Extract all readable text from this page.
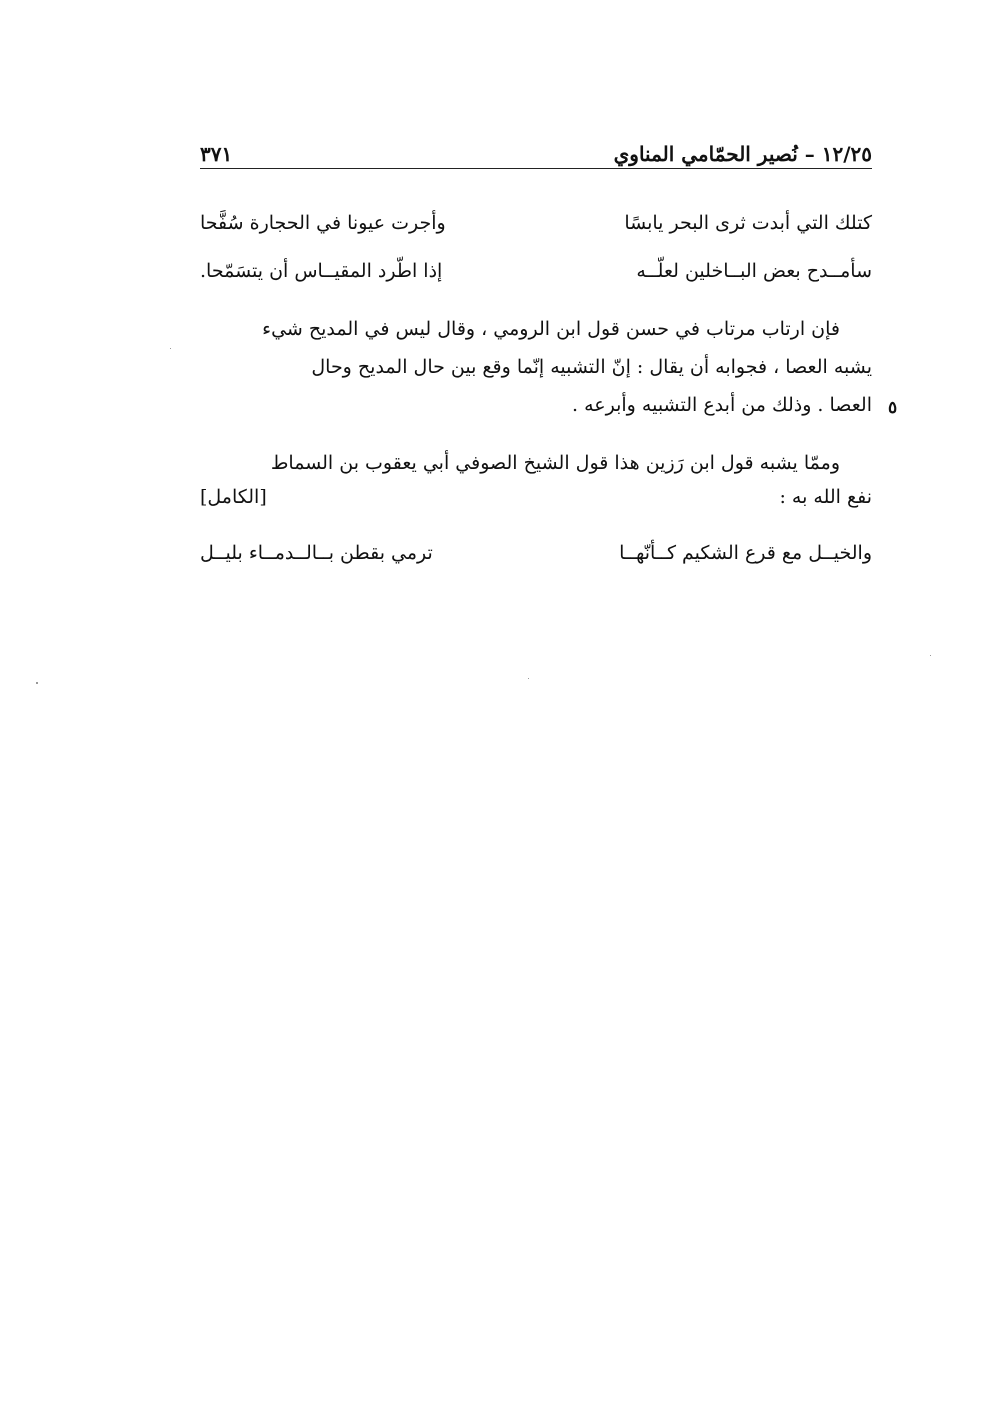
١٢/٢٥ – نُصير الحمّامي المناوي
٣٧١
كتلك التي أبدت ثرى البحر يابسًا
وأجرت عيونا في الحجارة سُفَّحا
سأمــدح بعض البــاخلين لعلّــه
إذا اطّرد المقيــاس أن يتسَمّحا.
فإن ارتاب مرتاب في حسن قول ابن الرومي ، وقال ليس في المديح شيء
يشبه العصا ، فجوابه أن يقال : إنّ التشبيه إنّما وقع بين حال المديح وحال
العصا . وذلك من أبدع التشبيه وأبرعه . ٥
وممّا يشبه قول ابن رَزين هذا قول الشيخ الصوفي أبي يعقوب بن السماط
نفع الله به :
[الكامل]
والخيــل مع قرع الشكيم كــأنّهــا
ترمي بقطن بــالــدمــاء بليــل
